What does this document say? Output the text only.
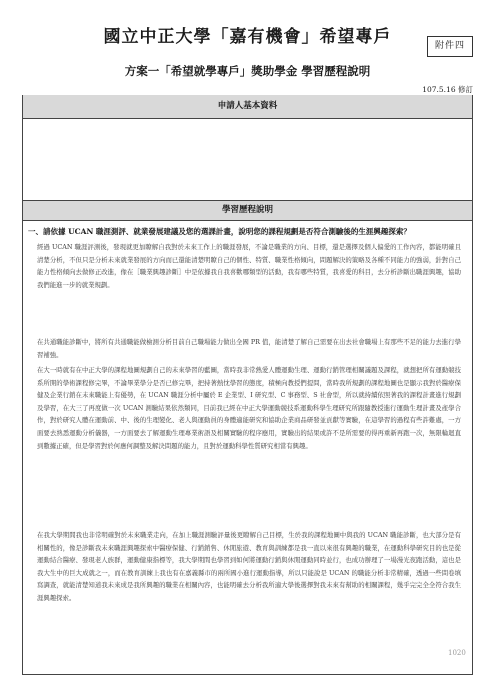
國立中正大學「嘉有機會」希望專戶	附件四
方案一「希望就學專戶」獎助學金 學習歷程說明
107.5.16 修訂
申請人基本資料
學習歷程說明
一、請依據 UCAN 職涯測評、就業發展建議及您的選課計畫，說明您的課程規劃是否符合測驗後的生涯興趣探索？

經過 UCAN 職涯評測後，發現就更加瞭解自我對於未來工作上的職涯發展，不論是職業的方向、目標，還是選擇及個人偏愛的工作內容，都能明確且清楚分析，不但只是分析未來就業發展的方向而已還能清楚明瞭自己的個性、特質、職業性格傾向，問題解決的策略及各種不同能力的強弱，針對自己能力性格傾向去做修正改進，像在［職業興趣診斷］中是依據我自我喜歡哪類型的活動，我有哪些特質，我喜愛的科目，去分析診斷出職涯興趣，協助我們能進一步的就業規劃。

在共通職能診斷中，將所有共通職能做檢測分析目前自己職場能力做出全國 PR 值，能清楚了解自己需要在出去社會職場上有那些不足的能力去進行學習補強。

在大一時就有在中正大學的課程地圖規劃自己的未來學習的藍圖，當時我非常熱愛人體運動生理、運動行銷管理相關議題及課程，就想把所有運動競技系所開的學術課程修完畢，不論畢業學分是否已修完畢，把持著熱忱學習的態度，積極向教授們提問，當時我所規劃的課程地圖也是顯示我對於醫療保健及企業行銷在未來職能上有優勢，在 UCAN 職涯分析中屬於 E 企業型、I 研究型、C 事務型、S 社會型，所以就持續依照著我的課程計畫進行規劃及學習，在大三了再度做一次 UCAN 測驗結果依然類同，目前我已經在中正大學運動競技系運動科學生理研究所跟隨教授進行運動生理計畫及產學合作，對於研究人體在運動前、中、後的生理變化、老人與運動員的身體適能研究和協助企業商品研發並貢獻等實驗，在這學習的過程有些許難處，一方面要去熟悉運動分析儀器，一方面要去了解運動生理專業術語及相關實驗的程序應用，實驗出的結果或許不是所需要的得再重新再跑一次，無限輪迴直到數據正確，但是學習對於何應何調整及解決問題的能力，且對於運動科學性質研究相當有興趣。

在我大學期間我也非常明確對於未來職業走向，在加上職涯測驗評量後更瞭解自己目標，生於我的課程地圖中與我的 UCAN 職能診斷，也大部分是有相關性的，像是診斷我未來職涯興趣探索中醫療保健、行銷銷售、休閒旅遊、教育與訓練都是我一直以來很有興趣的職業，在運動科學研究目的也是從運動結合醫療、發現老人族群，運動健康指標等，我大學期間也學習到如何將運動行銷與休閒運動同時並行，也成功辦理了一場漫光夜跑活動，這也是我大生中的巨大成就之一，而在教育訓練上我也有在嘉義縣市的兩所國小進行運動指導，所以只能說是 UCAN 的職能分析非常精確，透過一些問卷填寫調查，就能清楚知道我未來成是我所興趣的職業在相關內容，也能明確去分析我所適大學後選擇對我未來有幫助的相關課程，幾乎完完全全符合我生涯興趣探索。

1020
